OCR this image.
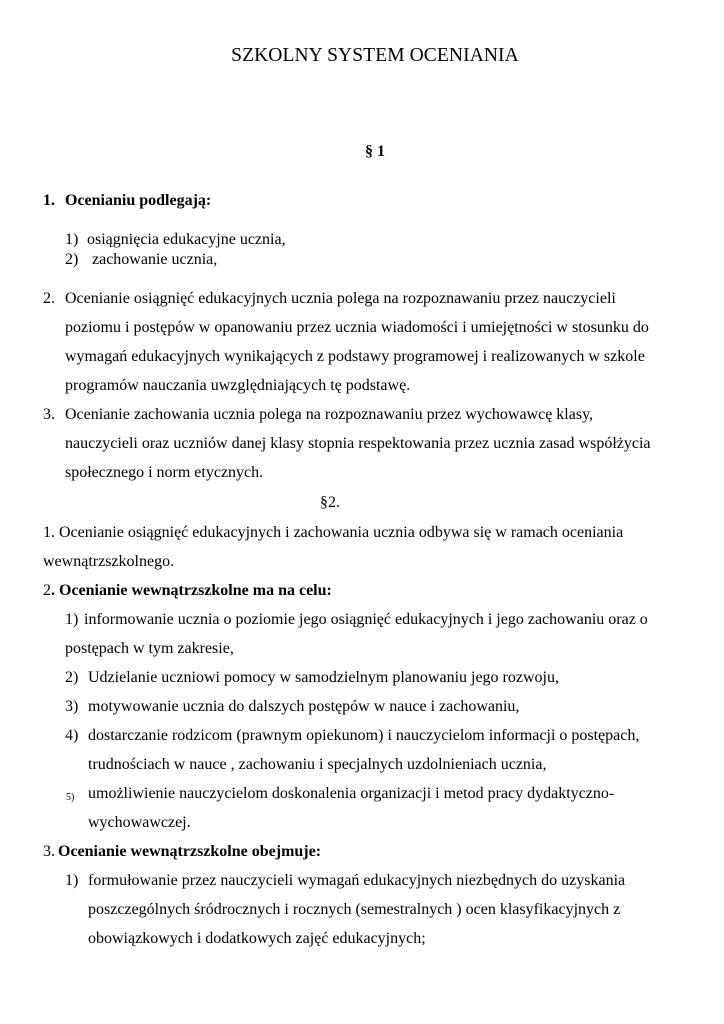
SZKOLNY SYSTEM OCENIANIA
§ 1
1. Ocenianiu podlegają:
1) osiągnięcia edukacyjne ucznia,
2) zachowanie ucznia,
2. Ocenianie osiągnięć edukacyjnych ucznia polega na rozpoznawaniu przez nauczycieli
poziomu i postępów w opanowaniu przez ucznia wiadomości i umiejętności w stosunku do
wymagań edukacyjnych wynikających z podstawy programowej i realizowanych w szkole
programów nauczania uwzględniających tę podstawę.
3. Ocenianie zachowania ucznia polega na rozpoznawaniu przez wychowawcę klasy,
nauczycieli oraz uczniów danej klasy stopnia respektowania przez ucznia zasad współżycia
społecznego i norm etycznych.
§2.
1. Ocenianie osiągnięć edukacyjnych i zachowania ucznia odbywa się w ramach oceniania
wewnątrzszkolnego.
2. Ocenianie wewnątrzszkolne ma na celu:
1) informowanie ucznia o poziomie jego osiągnięć edukacyjnych i jego zachowaniu oraz o
postępach w tym zakresie,
2) Udzielanie uczniowi pomocy w samodzielnym planowaniu jego rozwoju,
3) motywowanie ucznia do dalszych postępów w nauce i zachowaniu,
4) dostarczanie rodzicom (prawnym opiekunom) i nauczycielom informacji o postępach,
trudnościach w nauce , zachowaniu i specjalnych uzdolnieniach ucznia,
5) umożliwienie nauczycielom doskonalenia organizacji i metod pracy dydaktyczno-
wychowawczej.
3. Ocenianie wewnątrzszkolne obejmuje:
1) formułowanie przez nauczycieli wymagań edukacyjnych niezbędnych do uzyskania
poszczególnych śródrocznych i rocznych (semestralnych ) ocen klasyfikacyjnych z
obowiązkowych i dodatkowych zajęć edukacyjnych;
